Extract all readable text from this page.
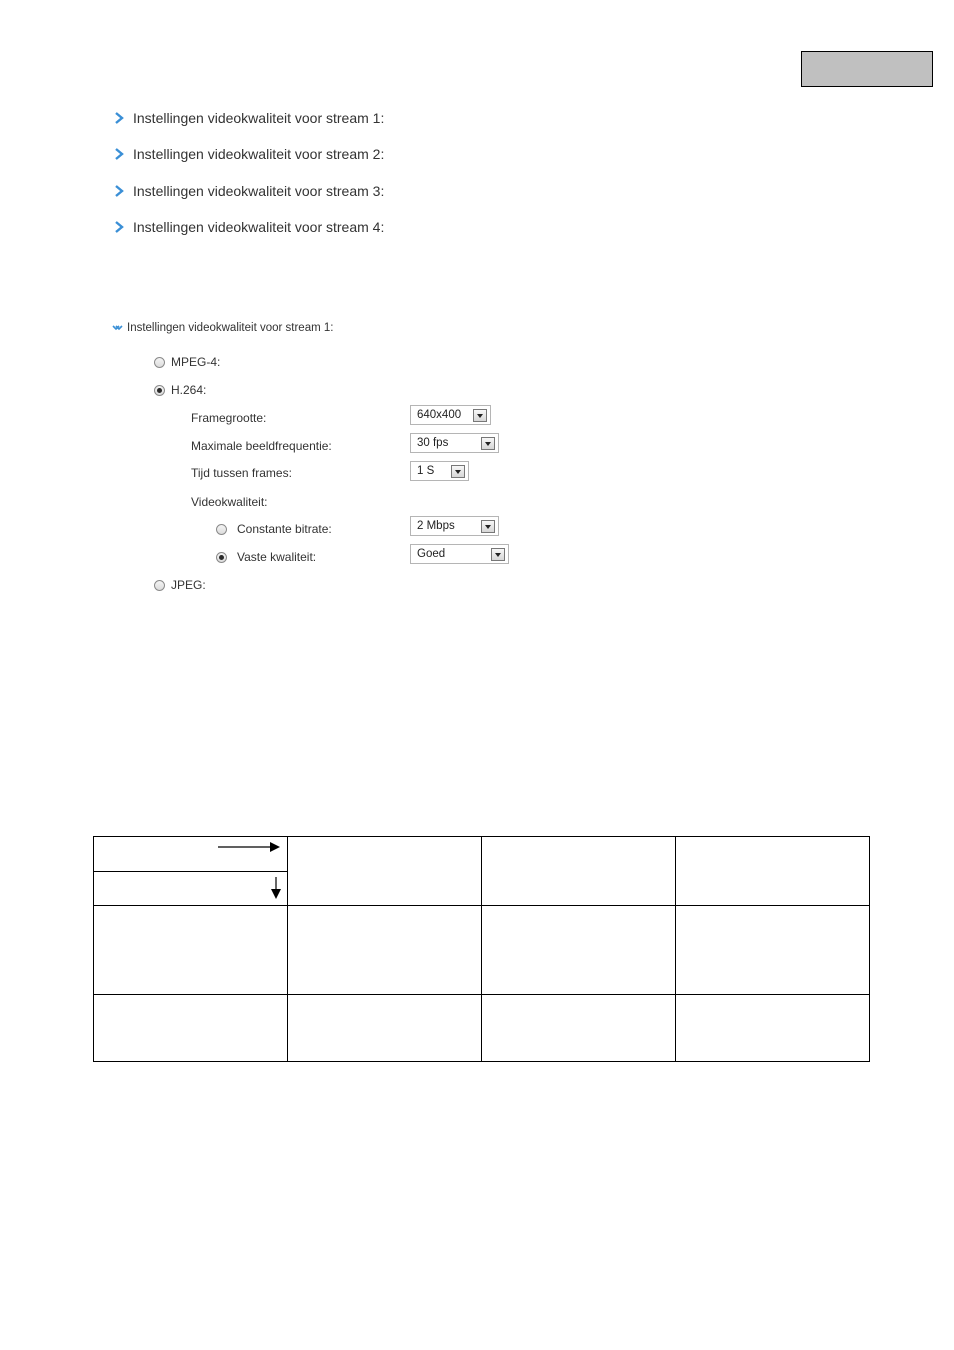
Instellingen videokwaliteit voor stream 1:
Instellingen videokwaliteit voor stream 2:
Instellingen videokwaliteit voor stream 3:
Instellingen videokwaliteit voor stream 4:
Instellingen videokwaliteit voor stream 1:
MPEG-4:
H.264:
Framegrootte:	640x400
Maximale beeldfrequentie:	30 fps
Tijd tussen frames:	1 S
Videokwaliteit:
Constante bitrate:	2 Mbps
Vaste kwaliteit:	Goed
JPEG:
